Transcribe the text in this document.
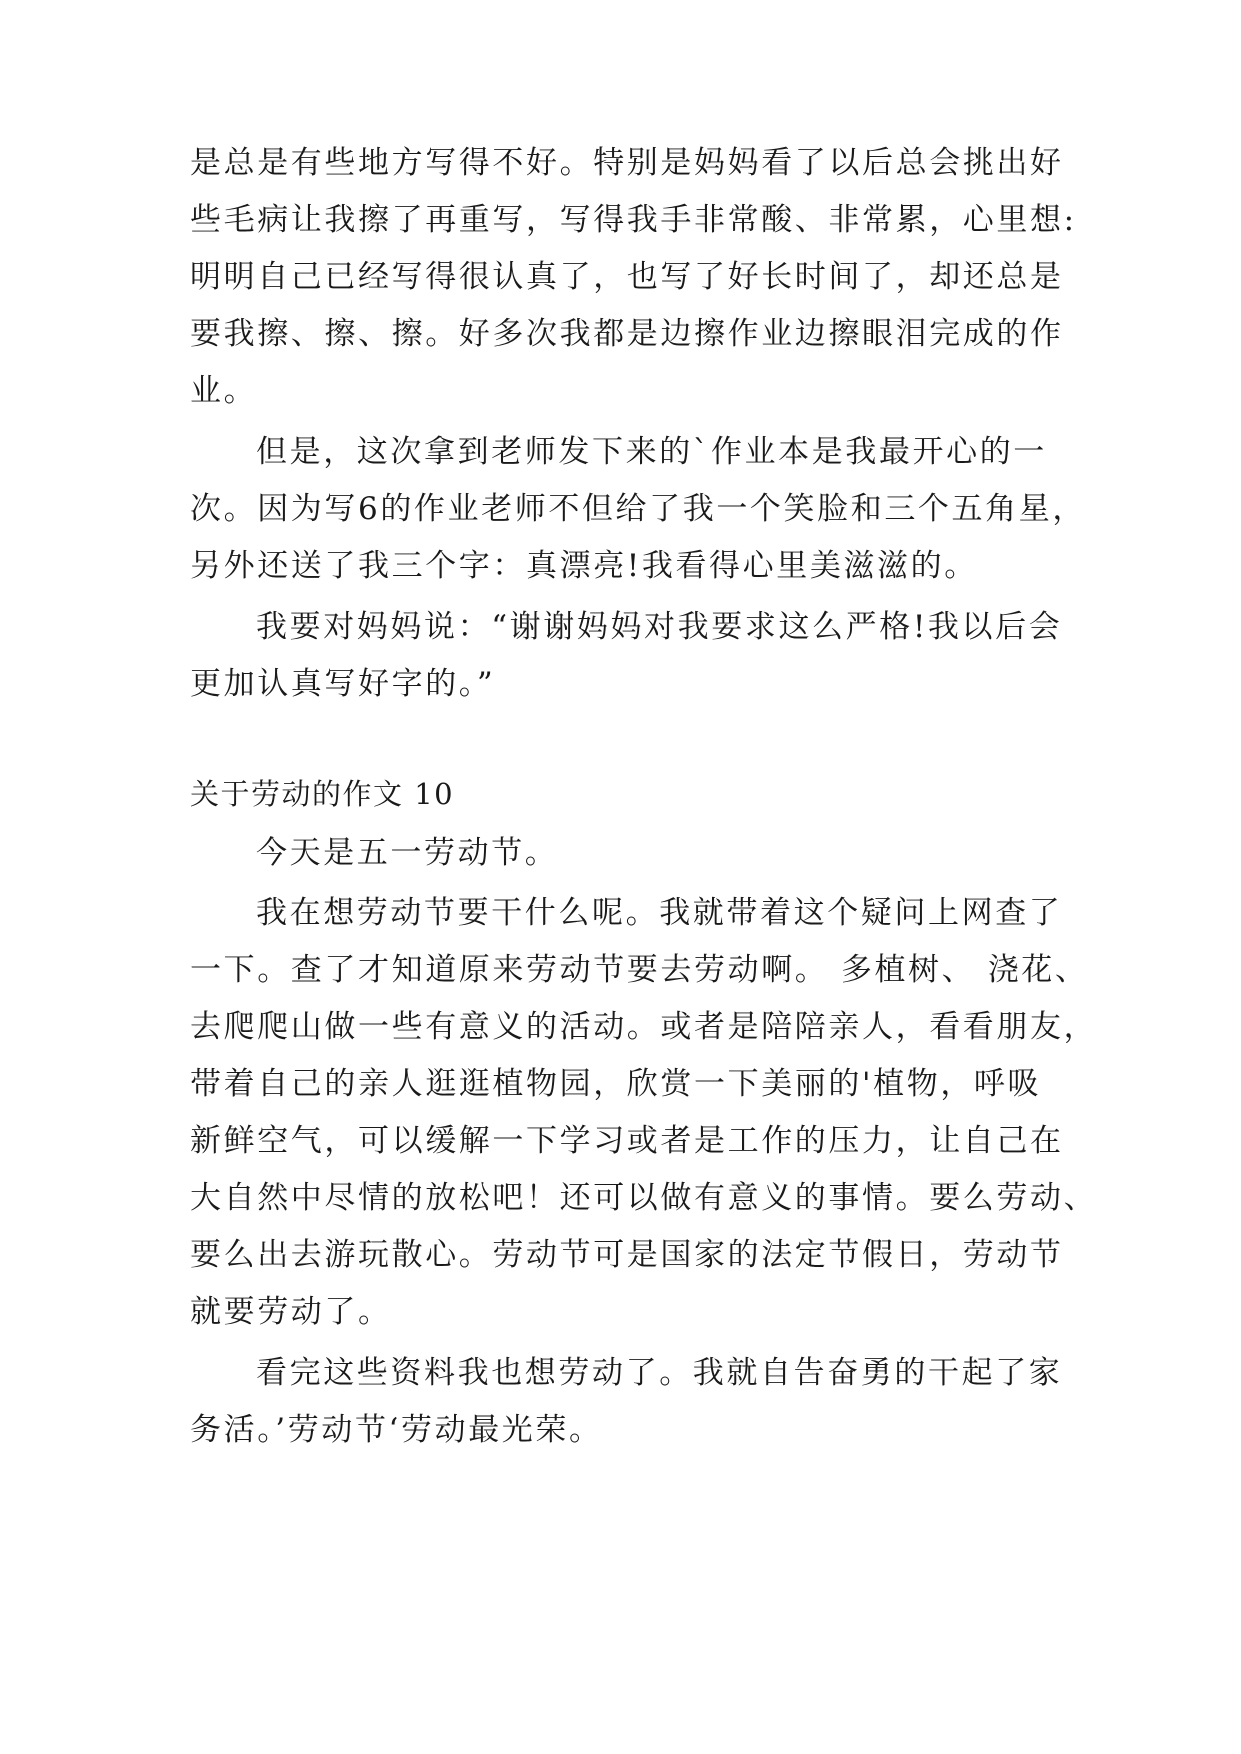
是总是有些地方写得不好。特别是妈妈看了以后总会挑出好
些毛病让我擦了再重写，写得我手非常酸、非常累，心里想:
明明自己已经写得很认真了，也写了好长时间了，却还总是
要我擦、擦、擦。好多次我都是边擦作业边擦眼泪完成的作
业。
但是，这次拿到老师发下来的`作业本是我最开心的一
次。因为写6的作业老师不但给了我一个笑脸和三个五角星，
另外还送了我三个字：真漂亮!我看得心里美滋滋的。
我要对妈妈说：“谢谢妈妈对我要求这么严格!我以后会
更加认真写好字的。”
关于劳动的作文 10
今天是五一劳动节。
我在想劳动节要干什么呢。我就带着这个疑问上网查了
一下。查了才知道原来劳动节要去劳动啊。 多植树、 浇花、
去爬爬山做一些有意义的活动。或者是陪陪亲人，看看朋友，
带着自己的亲人逛逛植物园，欣赏一下美丽的'植物，呼吸
新鲜空气，可以缓解一下学习或者是工作的压力，让自己在
大自然中尽情的放松吧！还可以做有意义的事情。要么劳动、
要么出去游玩散心。劳动节可是国家的法定节假日，劳动节
就要劳动了。
看完这些资料我也想劳动了。我就自告奋勇的干起了家
务活。’劳动节‘劳动最光荣。
